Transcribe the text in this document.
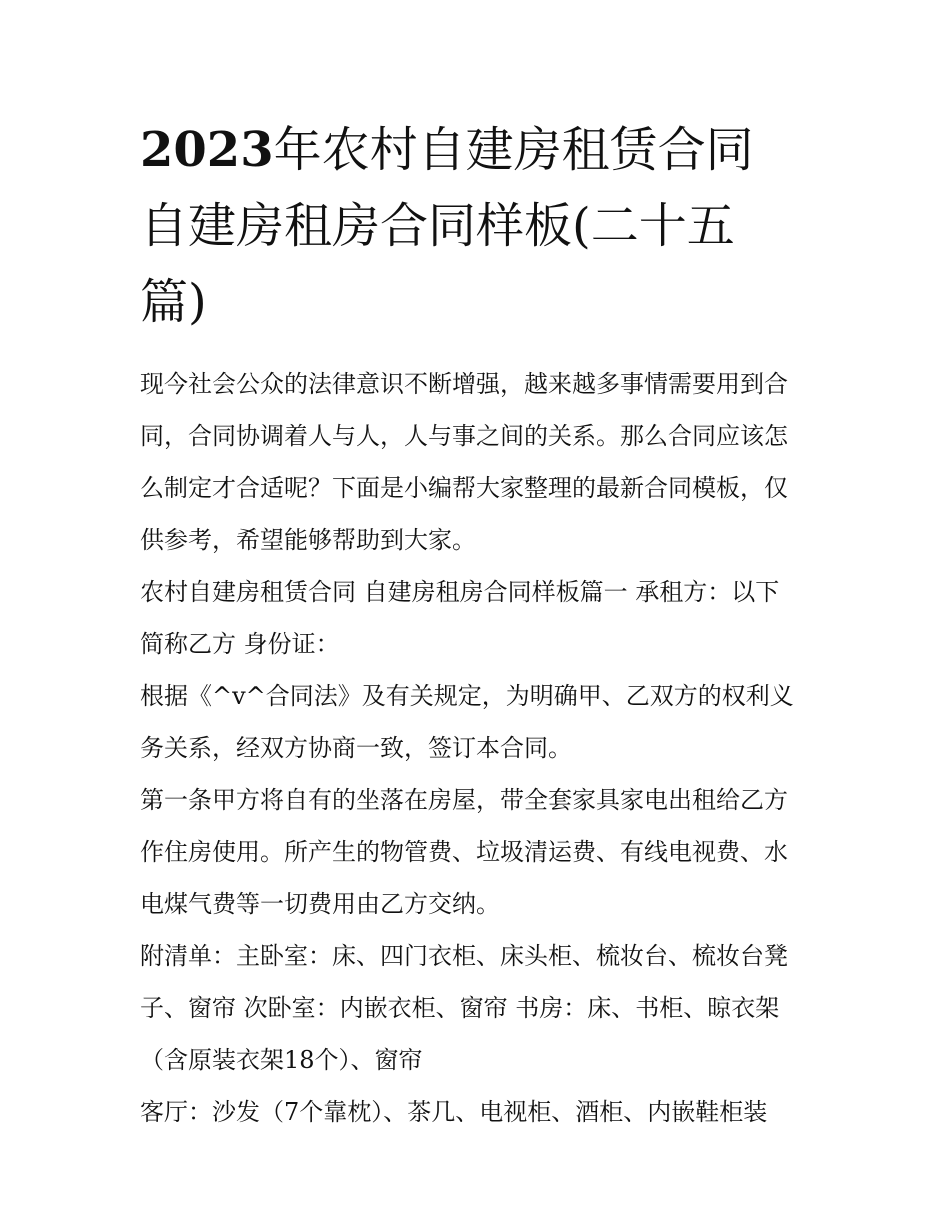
2023年农村自建房租赁合同
自建房租房合同样板(二十五
篇)
现今社会公众的法律意识不断增强，越来越多事情需要用到合
同，合同协调着人与人，人与事之间的关系。那么合同应该怎
么制定才合适呢？下面是小编帮大家整理的最新合同模板，仅
供参考，希望能够帮助到大家。
农村自建房租赁合同 自建房租房合同样板篇一 承租方：以下
简称乙方 身份证：
根据《^v^合同法》及有关规定，为明确甲、乙双方的权利义
务关系，经双方协商一致，签订本合同。
第一条甲方将自有的坐落在房屋，带全套家具家电出租给乙方
作住房使用。所产生的物管费、垃圾清运费、有线电视费、水
电煤气费等一切费用由乙方交纳。
附清单：主卧室：床、四门衣柜、床头柜、梳妆台、梳妆台凳
子、窗帘 次卧室：内嵌衣柜、窗帘 书房：床、书柜、晾衣架
（含原装衣架18个）、窗帘
客厅：沙发（7个靠枕）、茶几、电视柜、酒柜、内嵌鞋柜装
